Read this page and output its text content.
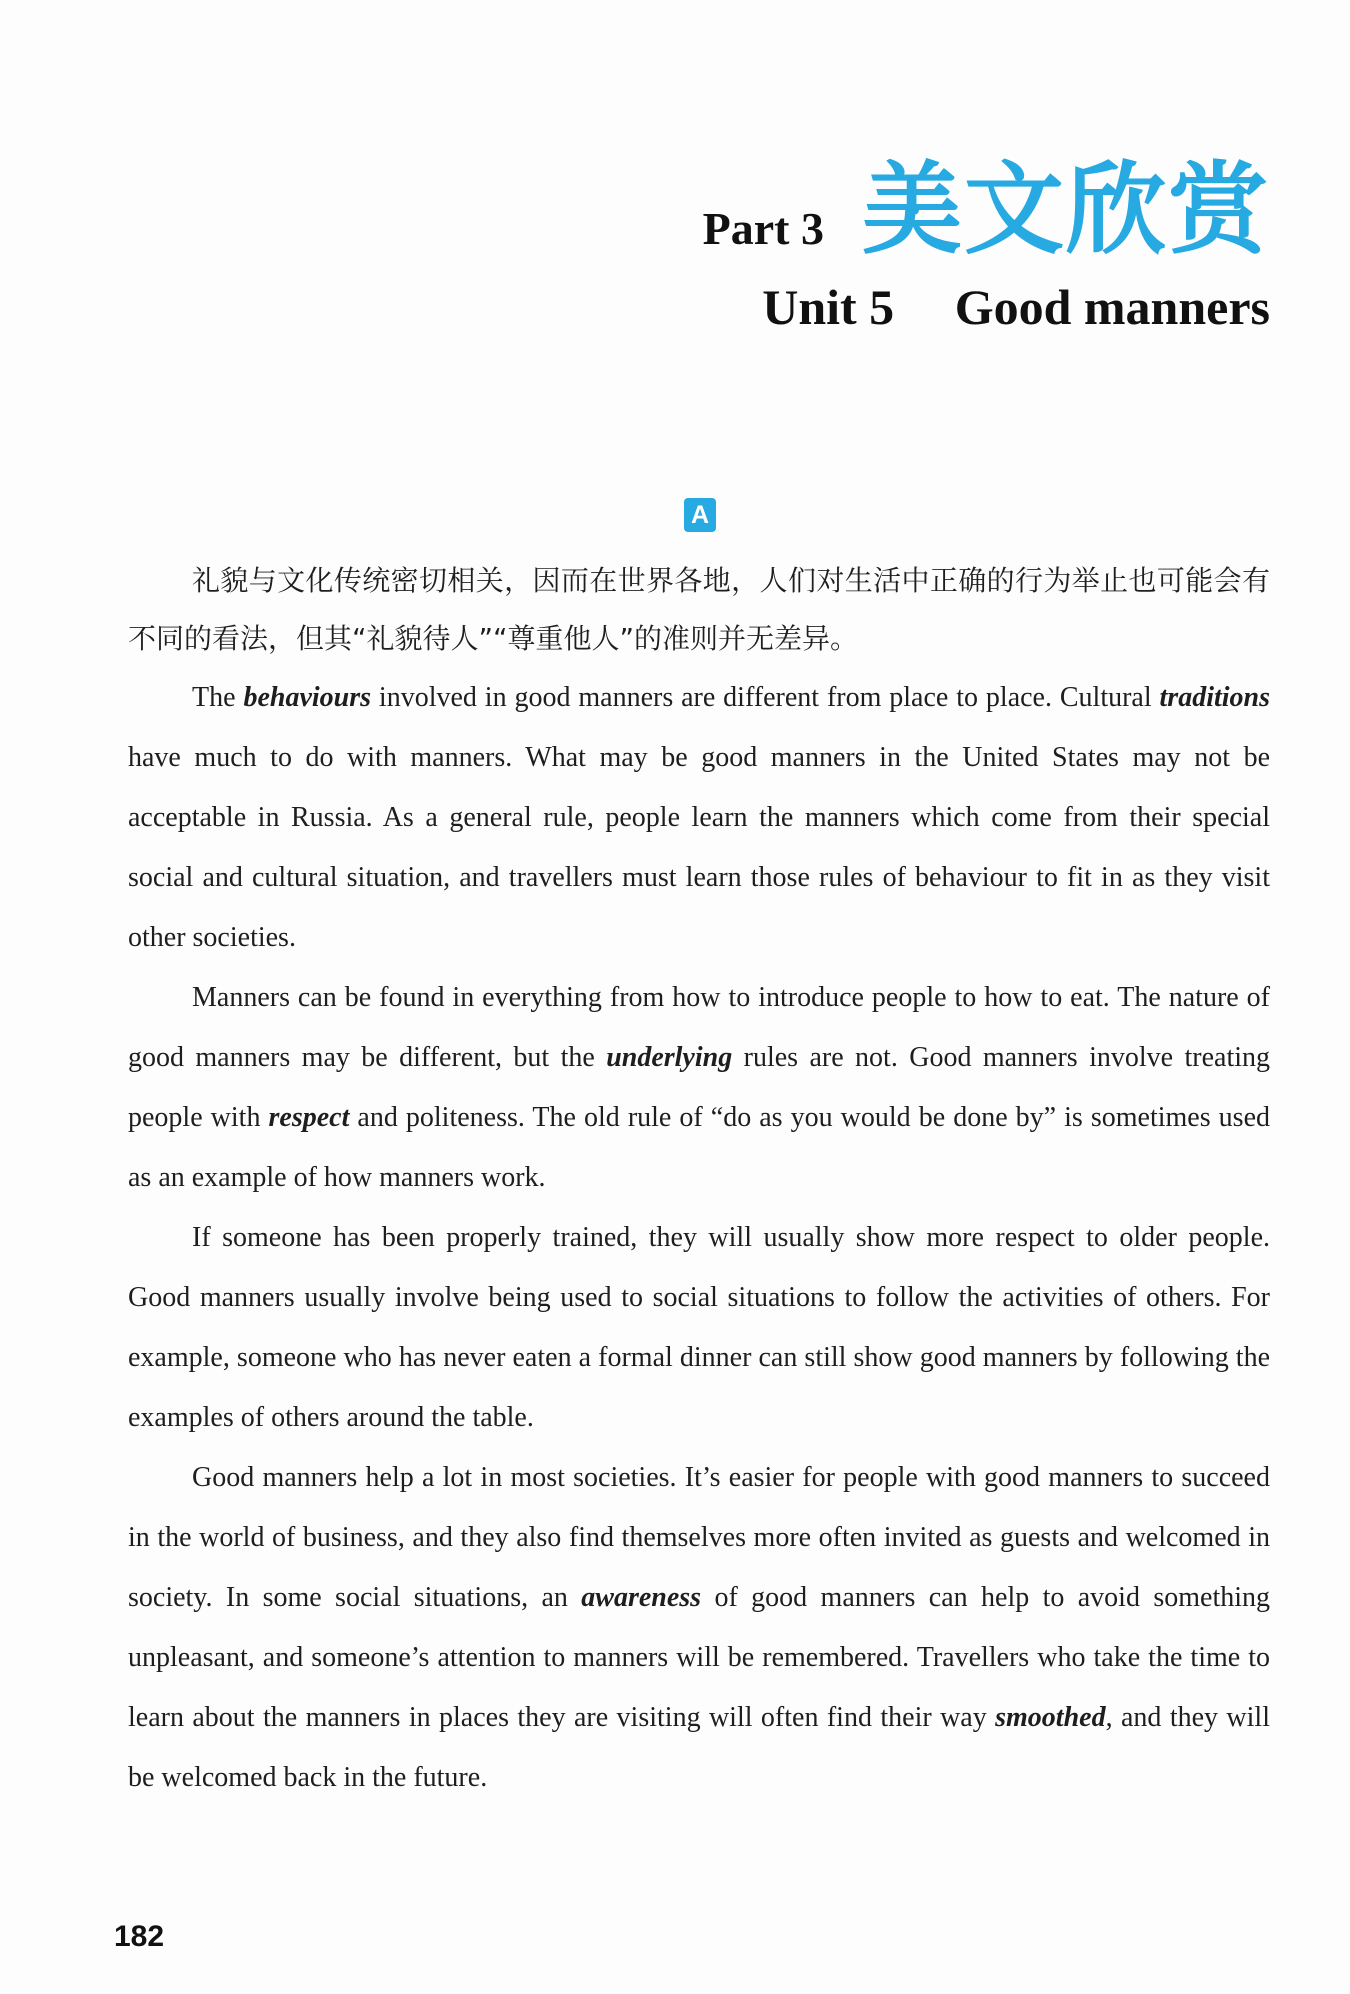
Part 3 美文欣赏
Unit 5 Good manners
A

礼貌与文化传统密切相关，因而在世界各地，人们对生活中正确的行为举止也可能会有不同的看法，但其“礼貌待人”“尊重他人”的准则并无差异。

The behaviours involved in good manners are different from place to place. Cultural traditions have much to do with manners. What may be good manners in the United States may not be acceptable in Russia. As a general rule, people learn the manners which come from their special social and cultural situation, and travellers must learn those rules of behaviour to fit in as they visit other societies.

Manners can be found in everything from how to introduce people to how to eat. The nature of good manners may be different, but the underlying rules are not. Good manners involve treating people with respect and politeness. The old rule of “do as you would be done by” is sometimes used as an example of how manners work.

If someone has been properly trained, they will usually show more respect to older people. Good manners usually involve being used to social situations to follow the activities of others. For example, someone who has never eaten a formal dinner can still show good manners by following the examples of others around the table.

Good manners help a lot in most societies. It’s easier for people with good manners to succeed in the world of business, and they also find themselves more often invited as guests and welcomed in society. In some social situations, an awareness of good manners can help to avoid something unpleasant, and someone’s attention to manners will be remembered. Travellers who take the time to learn about the manners in places they are visiting will often find their way smoothed, and they will be welcomed back in the future.

182
